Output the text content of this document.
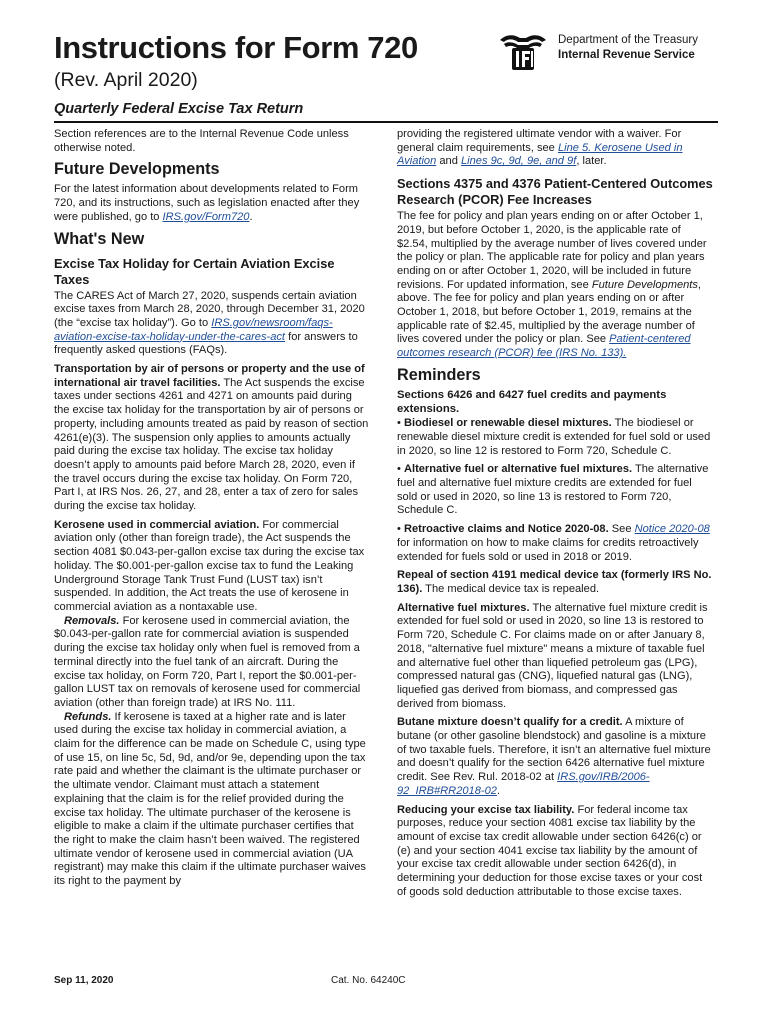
Instructions for Form 720
(Rev. April 2020)
Quarterly Federal Excise Tax Return
Department of the Treasury
Internal Revenue Service

Section references are to the Internal Revenue Code unless otherwise noted.

Future Developments

For the latest information about developments related to Form 720, and its instructions, such as legislation enacted after they were published, go to IRS.gov/Form720.

What's New
Excise Tax Holiday for Certain Aviation Excise Taxes

The CARES Act of March 27, 2020, suspends certain aviation excise taxes from March 28, 2020, through December 31, 2020 (the “excise tax holiday”). Go to IRS.gov/newsroom/faqs-aviation-excise-tax-holiday-under-the-cares-act for answers to frequently asked questions (FAQs).

Transportation by air of persons or property and the use of international air travel facilities. The Act suspends the excise taxes under sections 4261 and 4271 on amounts paid during the excise tax holiday for the transportation by air of persons or property, including amounts treated as paid by reason of section 4261(e)(3). The suspension only applies to amounts actually paid during the excise tax holiday. The excise tax holiday doesn’t apply to amounts paid before March 28, 2020, even if the travel occurs during the excise tax holiday. On Form 720, Part I, at IRS Nos. 26, 27, and 28, enter a tax of zero for sales during the excise tax holiday.

Kerosene used in commercial aviation. For commercial aviation only (other than foreign trade), the Act suspends the section 4081 $0.043-per-gallon excise tax during the excise tax holiday. The $0.001-per-gallon excise tax to fund the Leaking Underground Storage Tank Trust Fund (LUST tax) isn’t suspended. In addition, the Act treats the use of kerosene in commercial aviation as a nontaxable use.

Removals. For kerosene used in commercial aviation, the $0.043-per-gallon rate for commercial aviation is suspended during the excise tax holiday only when fuel is removed from a terminal directly into the fuel tank of an aircraft. During the excise tax holiday, on Form 720, Part I, report the $0.001-per-gallon LUST tax on removals of kerosene used for commercial aviation (other than foreign trade) at IRS No. 111.

Refunds. If kerosene is taxed at a higher rate and is later used during the excise tax holiday in commercial aviation, a claim for the difference can be made on Schedule C, using type of use 15, on line 5c, 5d, 9d, and/or 9e, depending upon the tax rate paid and whether the claimant is the ultimate purchaser or the ultimate vendor. Claimant must attach a statement explaining that the claim is for the relief provided during the excise tax holiday. The ultimate purchaser of the kerosene is eligible to make a claim if the ultimate purchaser certifies that the right to make the claim hasn’t been waived. The registered ultimate vendor of kerosene used in commercial aviation (UA registrant) may make this claim if the ultimate purchaser waives its right to the payment by

providing the registered ultimate vendor with a waiver. For general claim requirements, see Line 5. Kerosene Used in Aviation and Lines 9c, 9d, 9e, and 9f, later.

Sections 4375 and 4376 Patient-Centered Outcomes Research (PCOR) Fee Increases

The fee for policy and plan years ending on or after October 1, 2019, but before October 1, 2020, is the applicable rate of $2.54, multiplied by the average number of lives covered under the policy or plan. The applicable rate for policy and plan years ending on or after October 1, 2020, will be included in future revisions. For updated information, see Future Developments, above. The fee for policy and plan years ending on or after October 1, 2018, but before October 1, 2019, remains at the applicable rate of $2.45, multiplied by the average number of lives covered under the policy or plan. See Patient-centered outcomes research (PCOR) fee (IRS No. 133).

Reminders
Sections 6426 and 6427 fuel credits and payments extensions.

• Biodiesel or renewable diesel mixtures. The biodiesel or renewable diesel mixture credit is extended for fuel sold or used in 2020, so line 12 is restored to Form 720, Schedule C.

• Alternative fuel or alternative fuel mixtures. The alternative fuel and alternative fuel mixture credits are extended for fuel sold or used in 2020, so line 13 is restored to Form 720, Schedule C.

• Retroactive claims and Notice 2020-08. See Notice 2020-08 for information on how to make claims for credits retroactively extended for fuels sold or used in 2018 or 2019.

Repeal of section 4191 medical device tax (formerly IRS No. 136). The medical device tax is repealed.

Alternative fuel mixtures. The alternative fuel mixture credit is extended for fuel sold or used in 2020, so line 13 is restored to Form 720, Schedule C. For claims made on or after January 8, 2018, "alternative fuel mixture" means a mixture of taxable fuel and alternative fuel other than liquefied petroleum gas (LPG), compressed natural gas (CNG), liquefied natural gas (LNG), liquefied gas derived from biomass, and compressed gas derived from biomass.

Butane mixture doesn’t qualify for a credit. A mixture of butane (or other gasoline blendstock) and gasoline is a mixture of two taxable fuels. Therefore, it isn’t an alternative fuel mixture and doesn’t qualify for the section 6426 alternative fuel mixture credit. See Rev. Rul. 2018-02 at IRS.gov/IRB/2006-92_IRB#RR2018-02.

Reducing your excise tax liability. For federal income tax purposes, reduce your section 4081 excise tax liability by the amount of excise tax credit allowable under section 6426(c) or (e) and your section 4041 excise tax liability by the amount of your excise tax credit allowable under section 6426(d), in determining your deduction for those excise taxes or your cost of goods sold deduction attributable to those excise taxes.

Sep 11, 2020	Cat. No. 64240C
